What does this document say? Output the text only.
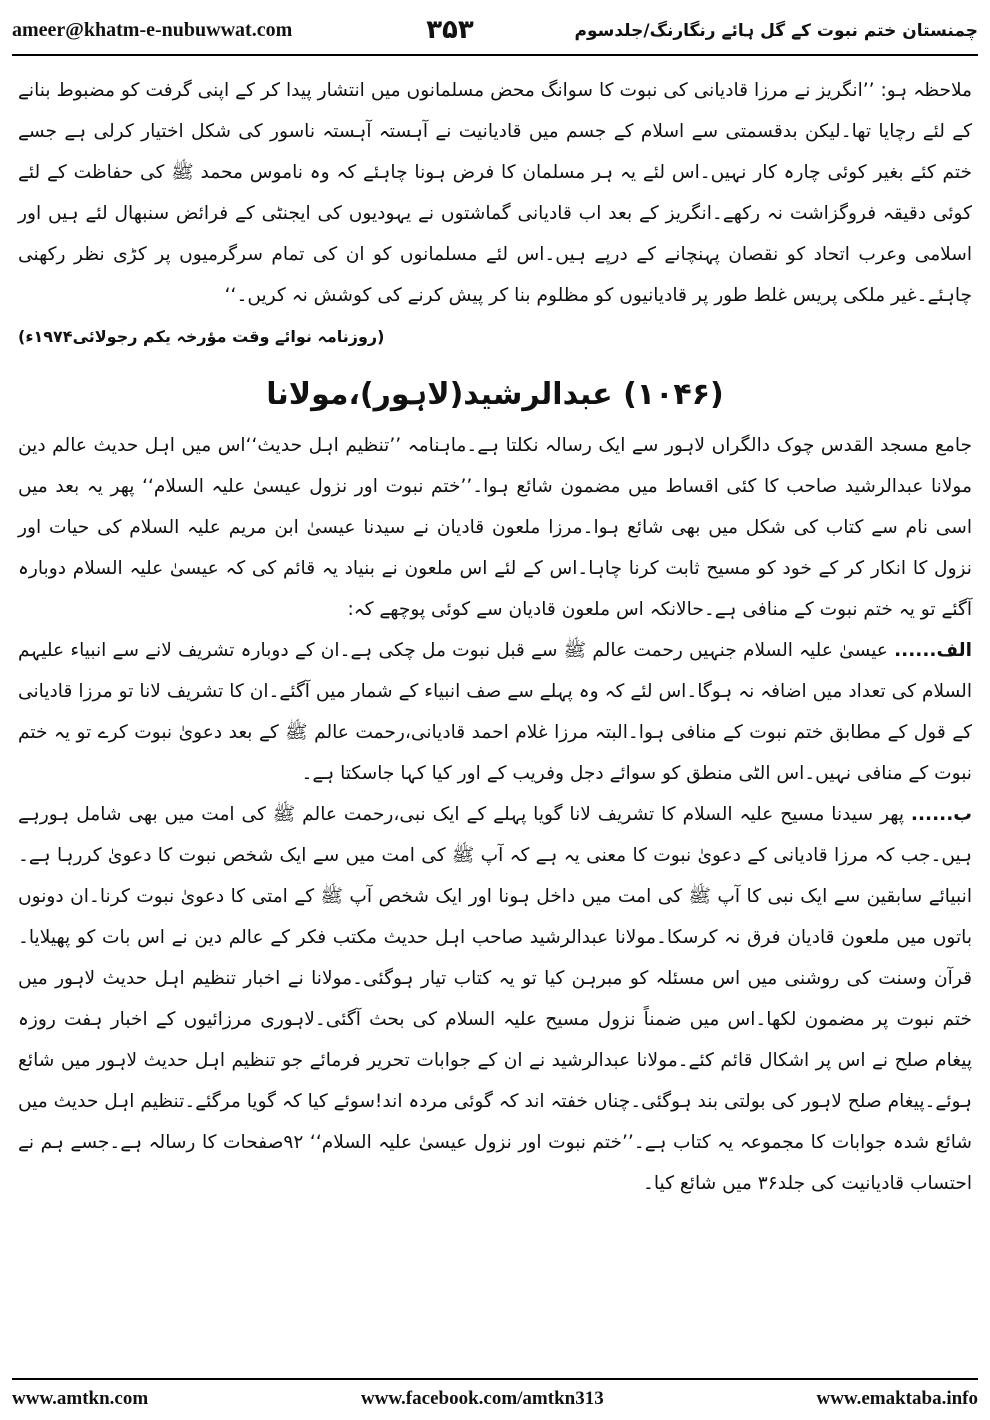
ameer@khatm-e-nubuwwat.com	۳۵۳	چمنستان ختم نبوت کے گل ہائے رنگارنگ/جلدسوم

ملاحظہ ہو: ’’انگریز نے مرزا قادیانی کی نبوت کا سوانگ محض مسلمانوں میں انتشار پیدا کر کے اپنی گرفت کو مضبوط بنانے کے لئے رچایا تھا۔لیکن بدقسمتی سے اسلام کے جسم میں قادیانیت نے آہستہ آہستہ ناسور کی شکل اختیار کرلی ہے جسے ختم کئے بغیر کوئی چارہ کار نہیں۔اس لئے یہ ہر مسلمان کا فرض ہونا چاہئے کہ وہ ناموس محمد ﷺ کی حفاظت کے لئے کوئی دقیقہ فروگزاشت نہ رکھے۔انگریز کے بعد اب قادیانی گماشتوں نے یہودیوں کی ایجنٹی کے فرائض سنبھال لئے ہیں اور اسلامی وعرب اتحاد کو نقصان پہنچانے کے درپے ہیں۔اس لئے مسلمانوں کو ان کی تمام سرگرمیوں پر کڑی نظر رکھنی چاہئے۔غیر ملکی پریس غلط طور پر قادیانیوں کو مظلوم بنا کر پیش کرنے کی کوشش نہ کریں۔‘‘

(روزنامہ نوائے وقت مؤرخہ یکم رجولائی۱۹۷۴ء)

(۱۰۴۶) عبدالرشید(لاہور)،مولانا

جامع مسجد القدس چوک دالگراں لاہور سے ایک رسالہ نکلتا ہے۔ماہنامہ ’’تنظیم اہل حدیث‘‘اس میں اہل حدیث عالم دین مولانا عبدالرشید صاحب کا کئی اقساط میں مضمون شائع ہوا۔’’ختم نبوت اور نزول عیسیٰ علیہ السلام‘‘ پھر یہ بعد میں اسی نام سے کتاب کی شکل میں بھی شائع ہوا۔مرزا ملعون قادیان نے سیدنا عیسیٰ ابن مریم علیہ السلام کی حیات اور نزول کا انکار کر کے خود کو مسیح ثابت کرنا چاہا۔اس کے لئے اس ملعون نے بنیاد یہ قائم کی کہ عیسیٰ علیہ السلام دوبارہ آگئے تو یہ ختم نبوت کے منافی ہے۔حالانکہ اس ملعون قادیان سے کوئی پوچھے کہ:

الف...... عیسیٰ علیہ السلام جنہیں رحمت عالم ﷺ سے قبل نبوت مل چکی ہے۔ان کے دوبارہ تشریف لانے سے انبیاء علیہم السلام کی تعداد میں اضافہ نہ ہوگا۔اس لئے کہ وہ پہلے سے صف انبیاء کے شمار میں آگئے۔ان کا تشریف لانا تو مرزا قادیانی کے قول کے مطابق ختم نبوت کے منافی ہوا۔البتہ مرزا غلام احمد قادیانی،رحمت عالم ﷺ کے بعد دعویٰ نبوت کرے تو یہ ختم نبوت کے منافی نہیں۔اس الٹی منطق کو سوائے دجل وفریب کے اور کیا کہا جاسکتا ہے۔

ب...... پھر سیدنا مسیح علیہ السلام کا تشریف لانا گویا پہلے کے ایک نبی،رحمت عالم ﷺ کی امت میں بھی شامل ہورہے ہیں۔جب کہ مرزا قادیانی کے دعویٰ نبوت کا معنی یہ ہے کہ آپ ﷺ کی امت میں سے ایک شخص نبوت کا دعویٰ کررہا ہے۔انبیائے سابقین سے ایک نبی کا آپ ﷺ کی امت میں داخل ہونا اور ایک شخص آپ ﷺ کے امتی کا دعویٰ نبوت کرنا۔ان دونوں باتوں میں ملعون قادیان فرق نہ کرسکا۔مولانا عبدالرشید صاحب اہل حدیث مکتب فکر کے عالم دین نے اس بات کو پھیلایا۔قرآن وسنت کی روشنی میں اس مسئلہ کو مبرہن کیا تو یہ کتاب تیار ہوگئی۔مولانا نے اخبار تنظیم اہل حدیث لاہور میں ختم نبوت پر مضمون لکھا۔اس میں ضمناً نزول مسیح علیہ السلام کی بحث آگئی۔لاہوری مرزائیوں کے اخبار ہفت روزہ پیغام صلح نے اس پر اشکال قائم کئے۔مولانا عبدالرشید نے ان کے جوابات تحریر فرمائے جو تنظیم اہل حدیث لاہور میں شائع ہوئے۔پیغام صلح لاہور کی بولتی بند ہوگئی۔چناں خفتہ اند کہ گوئی مردہ اند!سوئے کیا کہ گویا مرگئے۔تنظیم اہل حدیث میں شائع شدہ جوابات کا مجموعہ یہ کتاب ہے۔’’ختم نبوت اور نزول عیسیٰ علیہ السلام‘‘ ۹۲صفحات کا رسالہ ہے۔جسے ہم نے احتساب قادیانیت کی جلد۳۶ میں شائع کیا۔

www.amtkn.com	www.facebook.com/amtkn313	www.emaktaba.info
